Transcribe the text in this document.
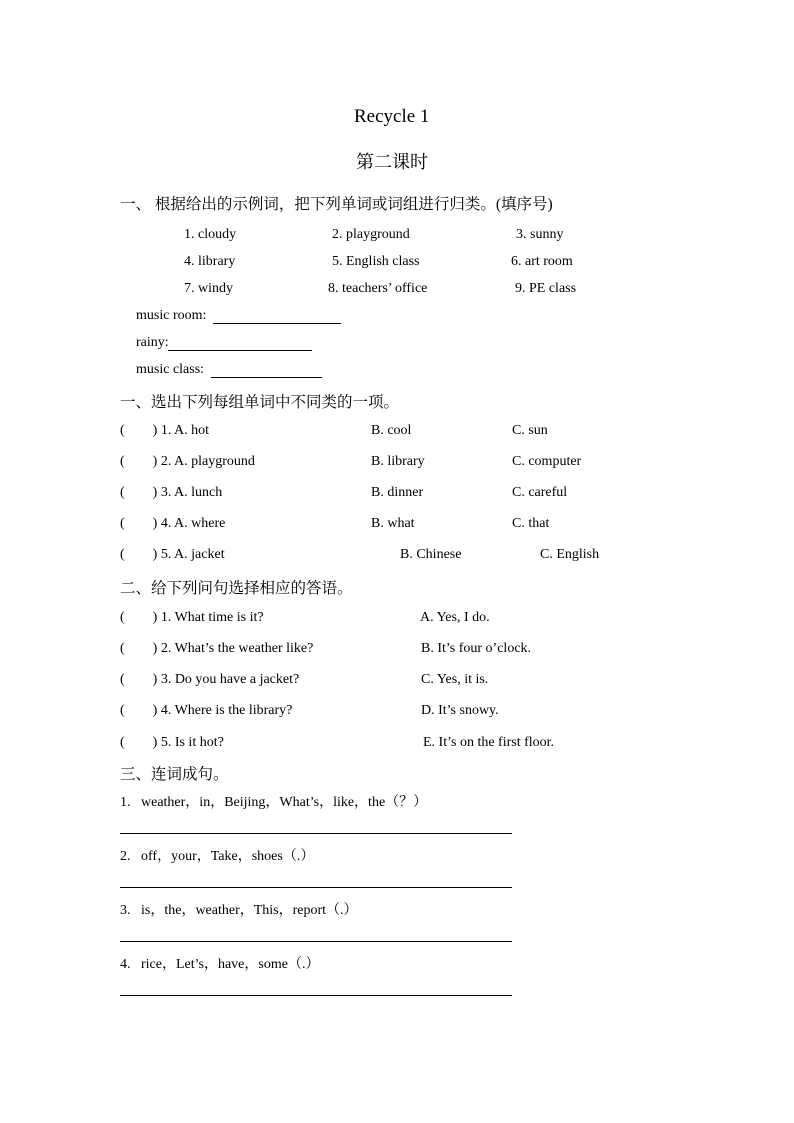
Recycle 1
第二课时
一、 根据给出的示例词，把下列单词或词组进行归类。(填序号)
1. cloudy	2. playground	3. sunny
4. library	5. English class	6. art room
7. windy	8. teachers’ office	9. PE class
music room:
rainy:
music class:
一、选出下列每组单词中不同类的一项。
(        ) 1. A. hot	B. cool	C. sun
(        ) 2. A. playground	B. library	C. computer
(        ) 3. A. lunch	B. dinner	C. careful
(        ) 4. A. where	B. what	C. that
(        ) 5. A. jacket	B. Chinese	C. English
二、给下列问句选择相应的答语。
(        ) 1. What time is it?	A. Yes, I do.
(        ) 2. What’s the weather like?	B. It’s four o’clock.
(        ) 3. Do you have a jacket?	C. Yes, it is.
(        ) 4. Where is the library?	D. It’s snowy.
(        ) 5. Is it hot?	E. It’s on the first floor.
三、连词成句。
1.   weather，in，Beijing，What’s，like，the（？）
2.   off，your，Take，shoes（.）
3.   is，the，weather，This，report（.）
4.   rice，Let’s，have，some（.）
